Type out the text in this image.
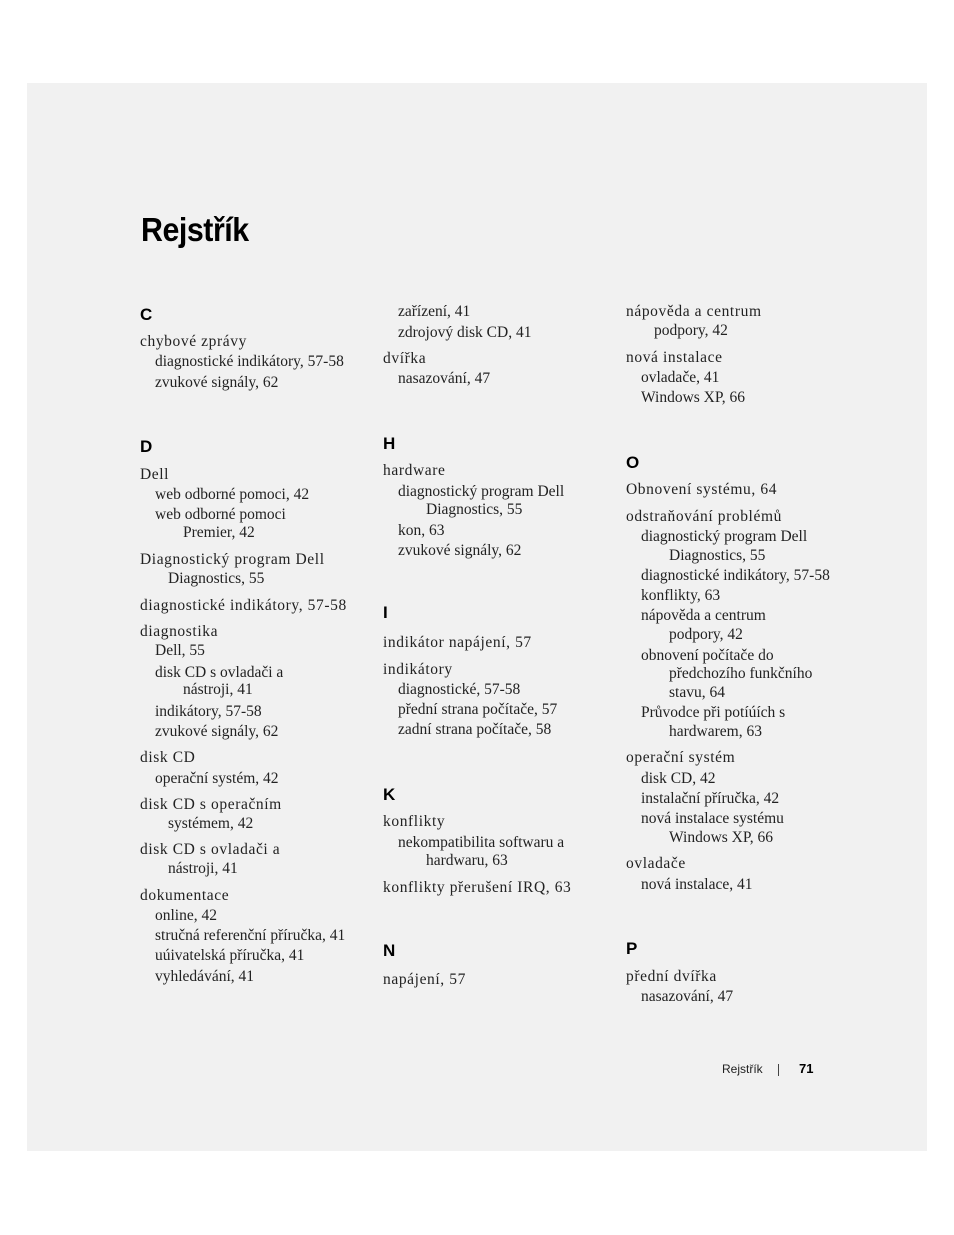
Rejstřík
C
chybové zprávy
diagnostické indikátory, 57-58
zvukové signály, 62
D
Dell
web odborné pomoci, 42
web odborné pomoci
Premier, 42
Diagnostický program Dell
Diagnostics, 55
diagnostické indikátory, 57-58
diagnostika
Dell, 55
disk CD s ovladači a
nástroji, 41
indikátory, 57-58
zvukové signály, 62
disk CD
operační systém, 42
disk CD s operačním
systémem, 42
disk CD s ovladači a
nástroji, 41
dokumentace
online, 42
stručná referenční příručka, 41
uúivatelská příručka, 41
vyhledávání, 41
zařízení, 41
zdrojový disk CD, 41
dvířka
nasazování, 47
H
hardware
diagnostický program Dell
Diagnostics, 55
kon, 63
zvukové signály, 62
I
indikátor napájení, 57
indikátory
diagnostické, 57-58
přední strana počítače, 57
zadní strana počítače, 58
K
konflikty
nekompatibilita softwaru a
hardwaru, 63
konflikty přerušení IRQ, 63
N
napájení, 57
nápověda a centrum
podpory, 42
nová instalace
ovladače, 41
Windows XP, 66
O
Obnovení systému, 64
odstraňování problémů
diagnostický program Dell
Diagnostics, 55
diagnostické indikátory, 57-58
konflikty, 63
nápověda a centrum
podpory, 42
obnovení počítače do
předchozího funkčního
stavu, 64
Průvodce při potíúích s
hardwarem, 63
operační systém
disk CD, 42
instalační příručka, 42
nová instalace systému
Windows XP, 66
ovladače
nová instalace, 41
P
přední dvířka
nasazování, 47
Rejstřík	71
